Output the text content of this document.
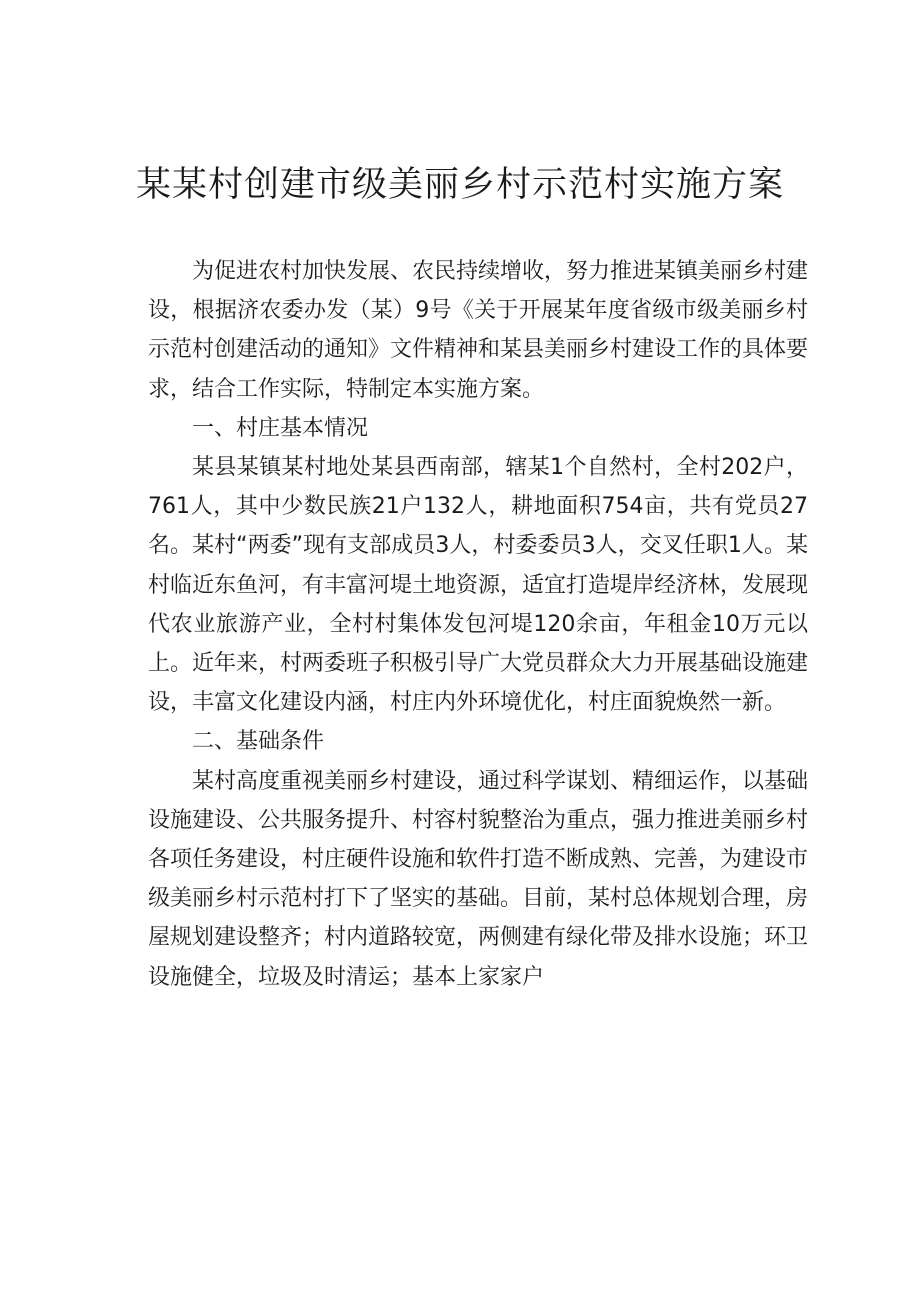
某某村创建市级美丽乡村示范村实施方案

为促进农村加快发展、农民持续增收，努力推进某镇美丽乡村建设，根据济农委办发（某）9号《关于开展某年度省级市级美丽乡村示范村创建活动的通知》文件精神和某县美丽乡村建设工作的具体要求，结合工作实际，特制定本实施方案。

一、村庄基本情况

某县某镇某村地处某县西南部，辖某1个自然村，全村202户，761人，其中少数民族21户132人，耕地面积754亩，共有党员27名。某村“两委”现有支部成员3人，村委委员3人，交叉任职1人。某村临近东鱼河，有丰富河堤土地资源，适宜打造堤岸经济林，发展现代农业旅游产业，全村村集体发包河堤120余亩，年租金10万元以上。近年来，村两委班子积极引导广大党员群众大力开展基础设施建设，丰富文化建设内涵，村庄内外环境优化，村庄面貌焕然一新。

二、基础条件

某村高度重视美丽乡村建设，通过科学谋划、精细运作，以基础设施建设、公共服务提升、村容村貌整治为重点，强力推进美丽乡村各项任务建设，村庄硬件设施和软件打造不断成熟、完善，为建设市级美丽乡村示范村打下了坚实的基础。目前，某村总体规划合理，房屋规划建设整齐；村内道路较宽，两侧建有绿化带及排水设施；环卫设施健全，垃圾及时清运；基本上家家户
